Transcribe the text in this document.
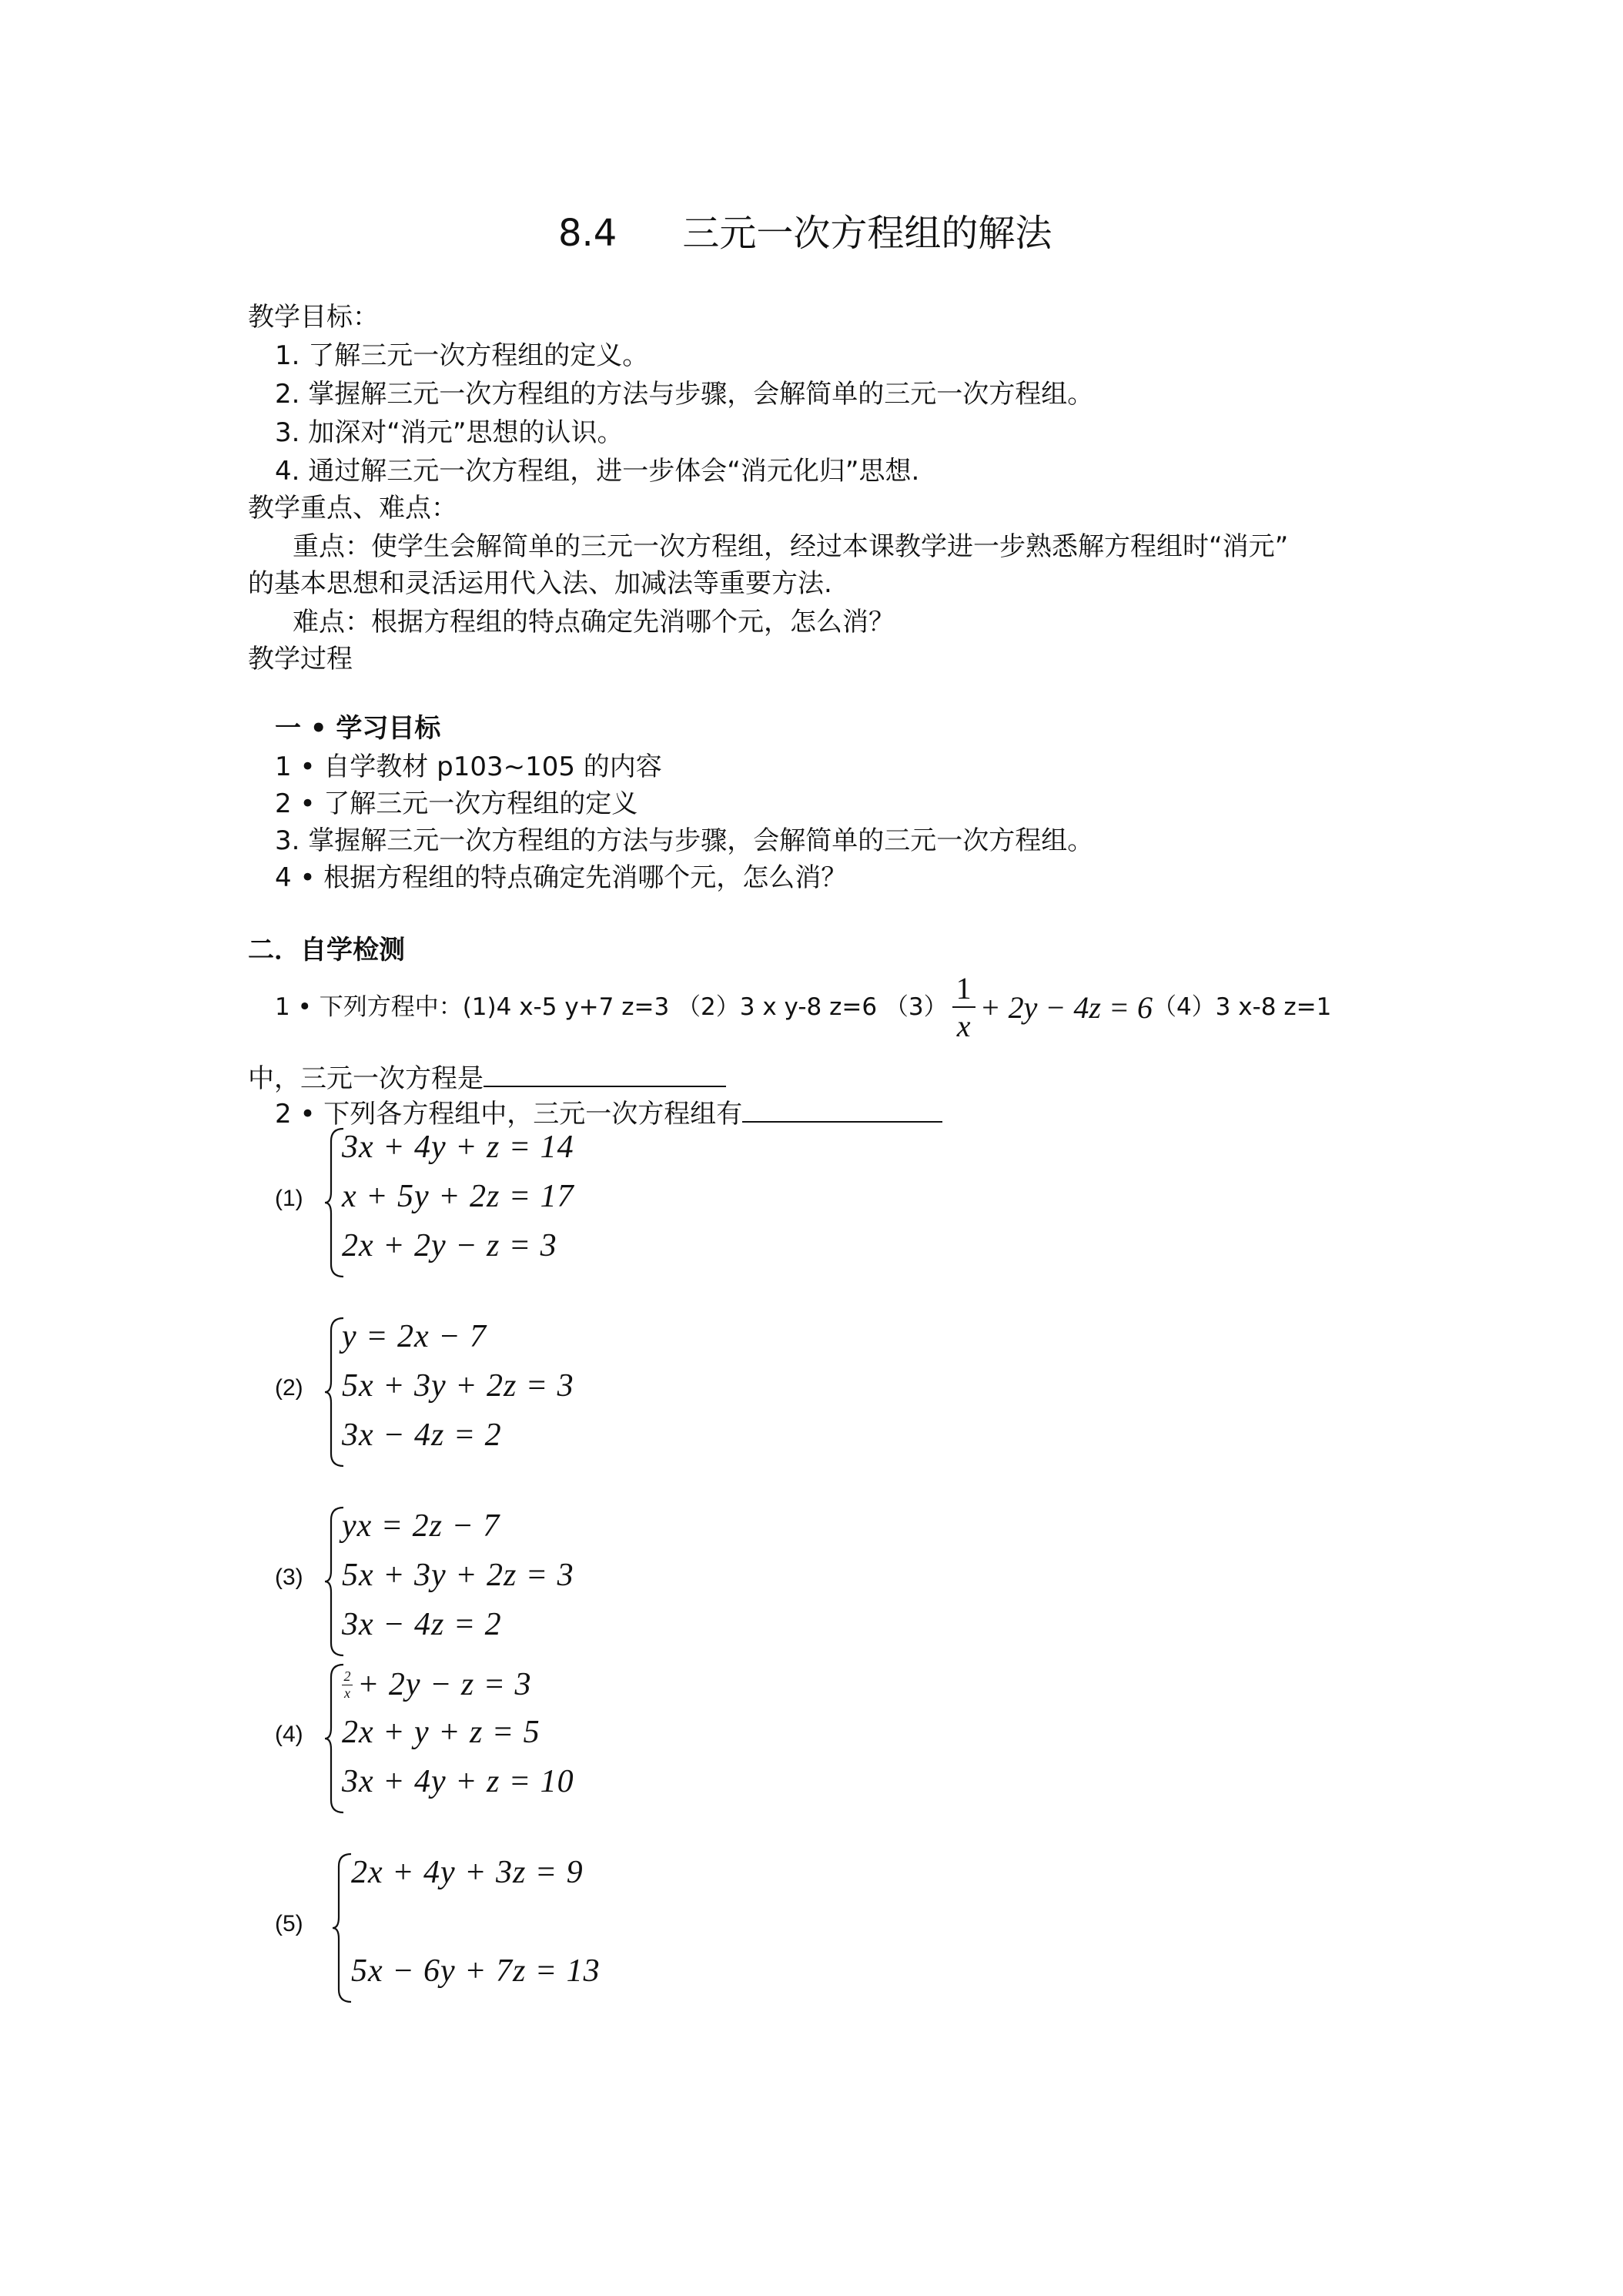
8.4 三元一次方程组的解法
教学目标：
1. 了解三元一次方程组的定义。
2. 掌握解三元一次方程组的方法与步骤，会解简单的三元一次方程组。
3. 加深对“消元”思想的认识。
4. 通过解三元一次方程组，进一步体会“消元化归”思想.
教学重点、难点：
重点：使学生会解简单的三元一次方程组，经过本课教学进一步熟悉解方程组时“消元”
的基本思想和灵活运用代入法、加减法等重要方法.
难点：根据方程组的特点确定先消哪个元，怎么消？
教学过程
一 • 学习目标
1 • 自学教材 p103~105 的内容
2 • 了解三元一次方程组的定义
3. 掌握解三元一次方程组的方法与步骤，会解简单的三元一次方程组。
4 • 根据方程组的特点确定先消哪个元，怎么消？
二．自学检测
1 • 下列方程中：(1)4 x-5 y+7 z=3 （2）3 x y-8 z=6 $(3) \frac{1}{x} + 2y - 4z = 6$ （4）3 x-8 z=1
中，三元一次方程是
2 • 下列各方程组中，三元一次方程组有
(1)
3x + 4y + z = 14
x + 5y + 2z = 17
2x + 2y − z = 3
(2)
y = 2x − 7
5x + 3y + 2z = 3
3x − 4z = 2
(3)
yx = 2z − 7
5x + 3y + 2z = 3
3x − 4z = 2
(4)
$\frac{2}{x} + 2y - z = 3$
2x + y + z = 5
3x + 4y + z = 10
(5)
2x + 4y + 3z = 9
5x − 6y + 7z = 13
